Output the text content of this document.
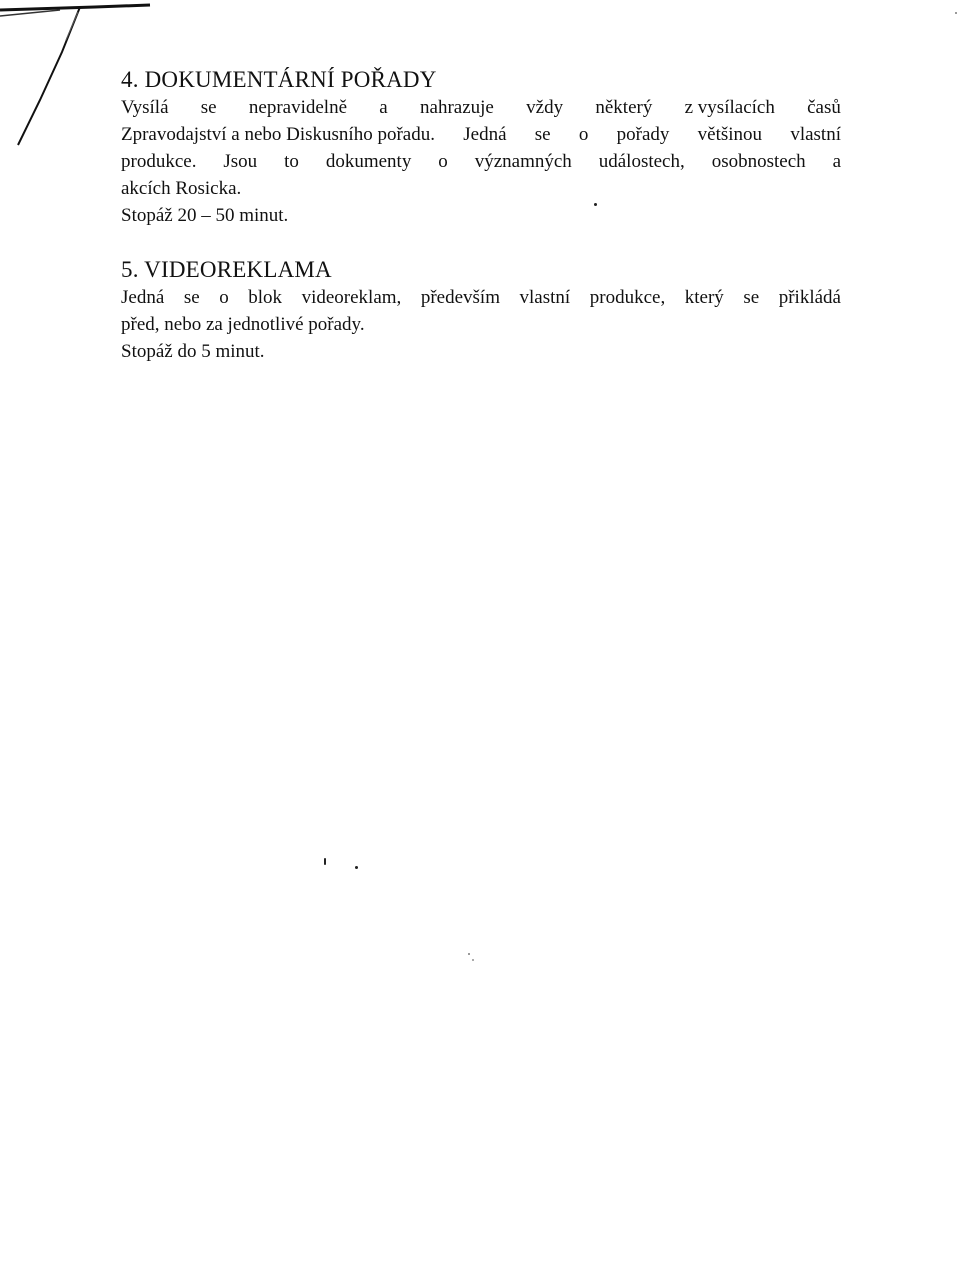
4. DOKUMENTÁRNÍ POŘADY

Vysílá se nepravidelně a nahrazuje vždy některý z vysílacích časů

Zpravodajství a nebo Diskusního pořadu. Jedná se o pořady většinou vlastní

produkce. Jsou to dokumenty o významných událostech, osobnostech a

akcích Rosicka.

Stopáž 20 – 50 minut.

5. VIDEOREKLAMA

Jedná se o blok videoreklam, především vlastní produkce, který se přikládá

před, nebo za jednotlivé pořady.

Stopáž do 5 minut.
